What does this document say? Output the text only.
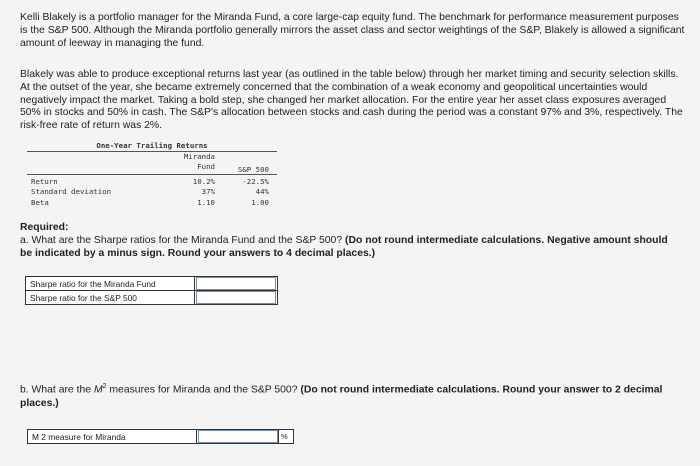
Kelli Blakely is a portfolio manager for the Miranda Fund, a core large-cap equity fund. The benchmark for performance measurement purposes is the S&P 500. Although the Miranda portfolio generally mirrors the asset class and sector weightings of the S&P, Blakely is allowed a significant amount of leeway in managing the fund.

Blakely was able to produce exceptional returns last year (as outlined in the table below) through her market timing and security selection skills. At the outset of the year, she became extremely concerned that the combination of a weak economy and geopolitical uncertainties would negatively impact the market. Taking a bold step, she changed her market allocation. For the entire year her asset class exposures averaged 50% in stocks and 50% in cash. The S&P's allocation between stocks and cash during the period was a constant 97% and 3%, respectively. The risk-free rate of return was 2%.

One-Year Trailing Returns
Miranda
Fund	S&P 500
Return	10.2%	-22.5%
Standard deviation	37%	44%
Beta	1.10	1.00
Required:
a. What are the Sharpe ratios for the Miranda Fund and the S&P 500? (Do not round intermediate calculations. Negative amount should be indicated by a minus sign. Round your answers to 4 decimal places.)
Sharpe ratio for the Miranda Fund	

Sharpe ratio for the S&P 500	
b. What are the $M^2$ measures for Miranda and the S&P 500? (Do not round intermediate calculations. Round your answer to 2 decimal places.)
M 2 measure for Miranda		%
